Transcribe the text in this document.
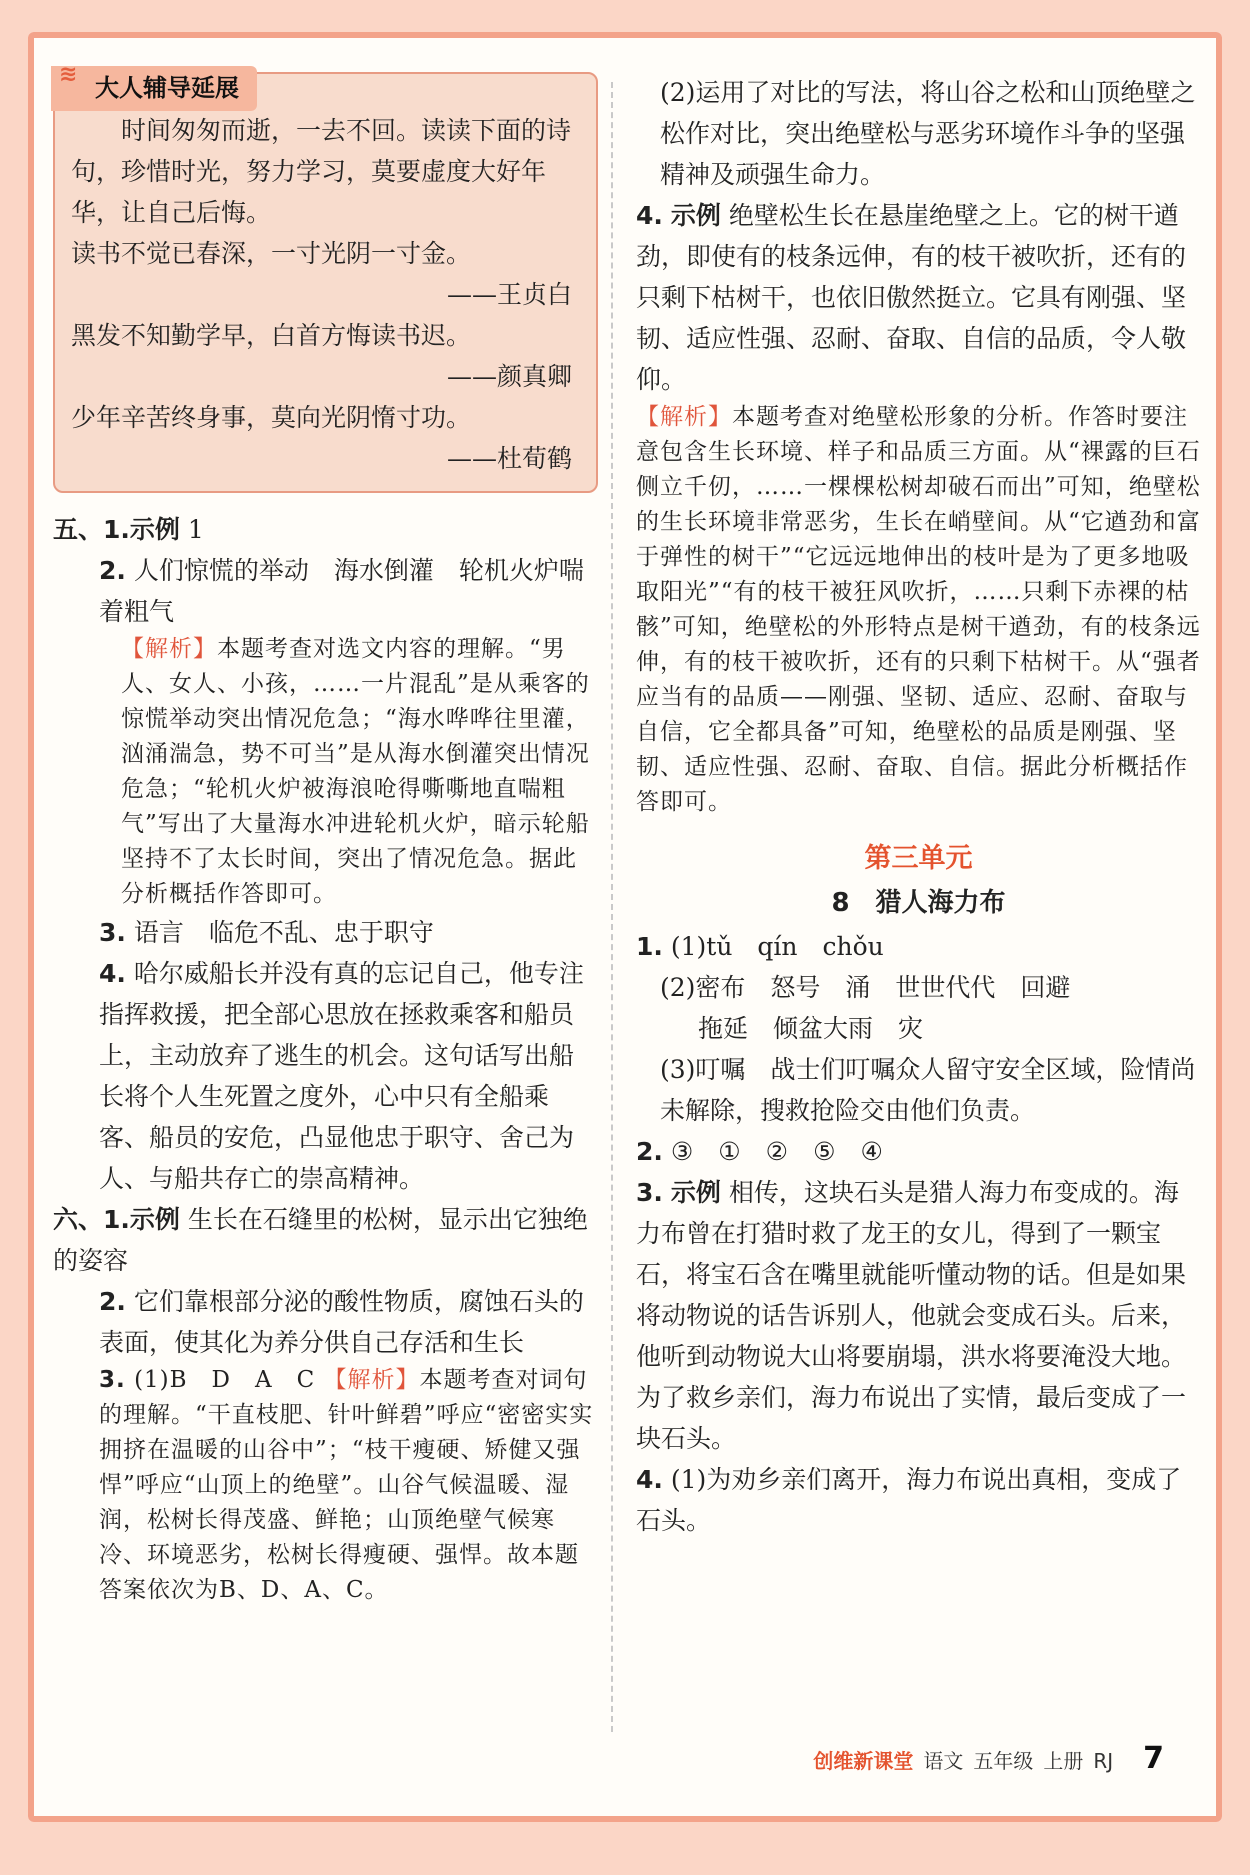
≋ 大人辅导延展

时间匆匆而逝，一去不回。读读下面的诗句，珍惜时光，努力学习，莫要虚度大好年华，让自己后悔。

读书不觉已春深，一寸光阴一寸金。

——王贞白

黑发不知勤学早，白首方悔读书迟。

——颜真卿

少年辛苦终身事，莫向光阴惰寸功。

——杜荀鹤

五、1.示例 1

2. 人们惊慌的举动　海水倒灌　轮机火炉喘着粗气

【解析】本题考查对选文内容的理解。“男人、女人、小孩，……一片混乱”是从乘客的惊慌举动突出情况危急；“海水哗哗往里灌，汹涌湍急，势不可当”是从海水倒灌突出情况危急；“轮机火炉被海浪呛得嘶嘶地直喘粗气”写出了大量海水冲进轮机火炉，暗示轮船坚持不了太长时间，突出了情况危急。据此分析概括作答即可。

3. 语言　临危不乱、忠于职守

4. 哈尔威船长并没有真的忘记自己，他专注指挥救援，把全部心思放在拯救乘客和船员上，主动放弃了逃生的机会。这句话写出船长将个人生死置之度外，心中只有全船乘客、船员的安危，凸显他忠于职守、舍己为人、与船共存亡的崇高精神。

六、1.示例 生长在石缝里的松树，显示出它独绝的姿容

2. 它们靠根部分泌的酸性物质，腐蚀石头的表面，使其化为养分供自己存活和生长

3. (1)B　D　A　C 【解析】本题考查对词句的理解。“干直枝肥、针叶鲜碧”呼应“密密实实拥挤在温暖的山谷中”；“枝干瘦硬、矫健又强悍”呼应“山顶上的绝壁”。山谷气候温暖、湿润，松树长得茂盛、鲜艳；山顶绝壁气候寒冷、环境恶劣，松树长得瘦硬、强悍。故本题答案依次为B、D、A、C。

(2)运用了对比的写法，将山谷之松和山顶绝壁之松作对比，突出绝壁松与恶劣环境作斗争的坚强精神及顽强生命力。

4. 示例 绝壁松生长在悬崖绝壁之上。它的树干遒劲，即使有的枝条远伸，有的枝干被吹折，还有的只剩下枯树干，也依旧傲然挺立。它具有刚强、坚韧、适应性强、忍耐、奋取、自信的品质，令人敬仰。

【解析】本题考查对绝壁松形象的分析。作答时要注意包含生长环境、样子和品质三方面。从“裸露的巨石侧立千仞，……一棵棵松树却破石而出”可知，绝壁松的生长环境非常恶劣，生长在峭壁间。从“它遒劲和富于弹性的树干”“它远远地伸出的枝叶是为了更多地吸取阳光”“有的枝干被狂风吹折，……只剩下赤裸的枯骸”可知，绝壁松的外形特点是树干遒劲，有的枝条远伸，有的枝干被吹折，还有的只剩下枯树干。从“强者应当有的品质——刚强、坚韧、适应、忍耐、奋取与自信，它全都具备”可知，绝壁松的品质是刚强、坚韧、适应性强、忍耐、奋取、自信。据此分析概括作答即可。

第三单元
8　猎人海力布

1. (1)tǔ　qín　chǒu

(2)密布　怒号　涌　世世代代　回避

拖延　倾盆大雨　灾

(3)叮嘱　战士们叮嘱众人留守安全区域，险情尚未解除，搜救抢险交由他们负责。

2. ③　①　②　⑤　④

3. 示例 相传，这块石头是猎人海力布变成的。海力布曾在打猎时救了龙王的女儿，得到了一颗宝石，将宝石含在嘴里就能听懂动物的话。但是如果将动物说的话告诉别人，他就会变成石头。后来，他听到动物说大山将要崩塌，洪水将要淹没大地。为了救乡亲们，海力布说出了实情，最后变成了一块石头。

4. (1)为劝乡亲们离开，海力布说出真相，变成了石头。

创维新课堂 语文 五年级 上册 RJ 7
